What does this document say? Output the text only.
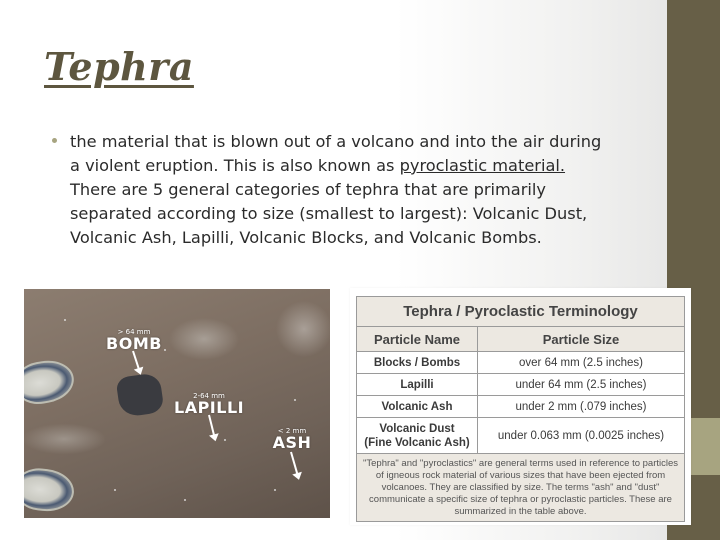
Tephra
the material that is blown out of a volcano and into the air during a violent eruption. This is also known as pyroclastic material. There are 5 general categories of tephra that are primarily separated according to size (smallest to largest): Volcanic Dust, Volcanic Ash, Lapilli, Volcanic Blocks, and Volcanic Bombs.
> 64 mm
BOMB
2-64 mm
LAPILLI
< 2 mm
ASH
Tephra / Pyroclastic Terminology	
Particle Name	Particle Size
Blocks / Bombs	over 64 mm (2.5 inches)
Lapilli	under 64 mm (2.5 inches)
Volcanic Ash	under 2 mm (.079 inches)
Volcanic Dust
(Fine Volcanic Ash)	under 0.063 mm (0.0025 inches)
"Tephra" and "pyroclastics" are general terms used in reference to particles of igneous rock material of various sizes that have been ejected from volcanoes. They are classified by size. The terms "ash" and "dust" communicate a specific size of tephra or pyroclastic particles. These are summarized in the table above.	
